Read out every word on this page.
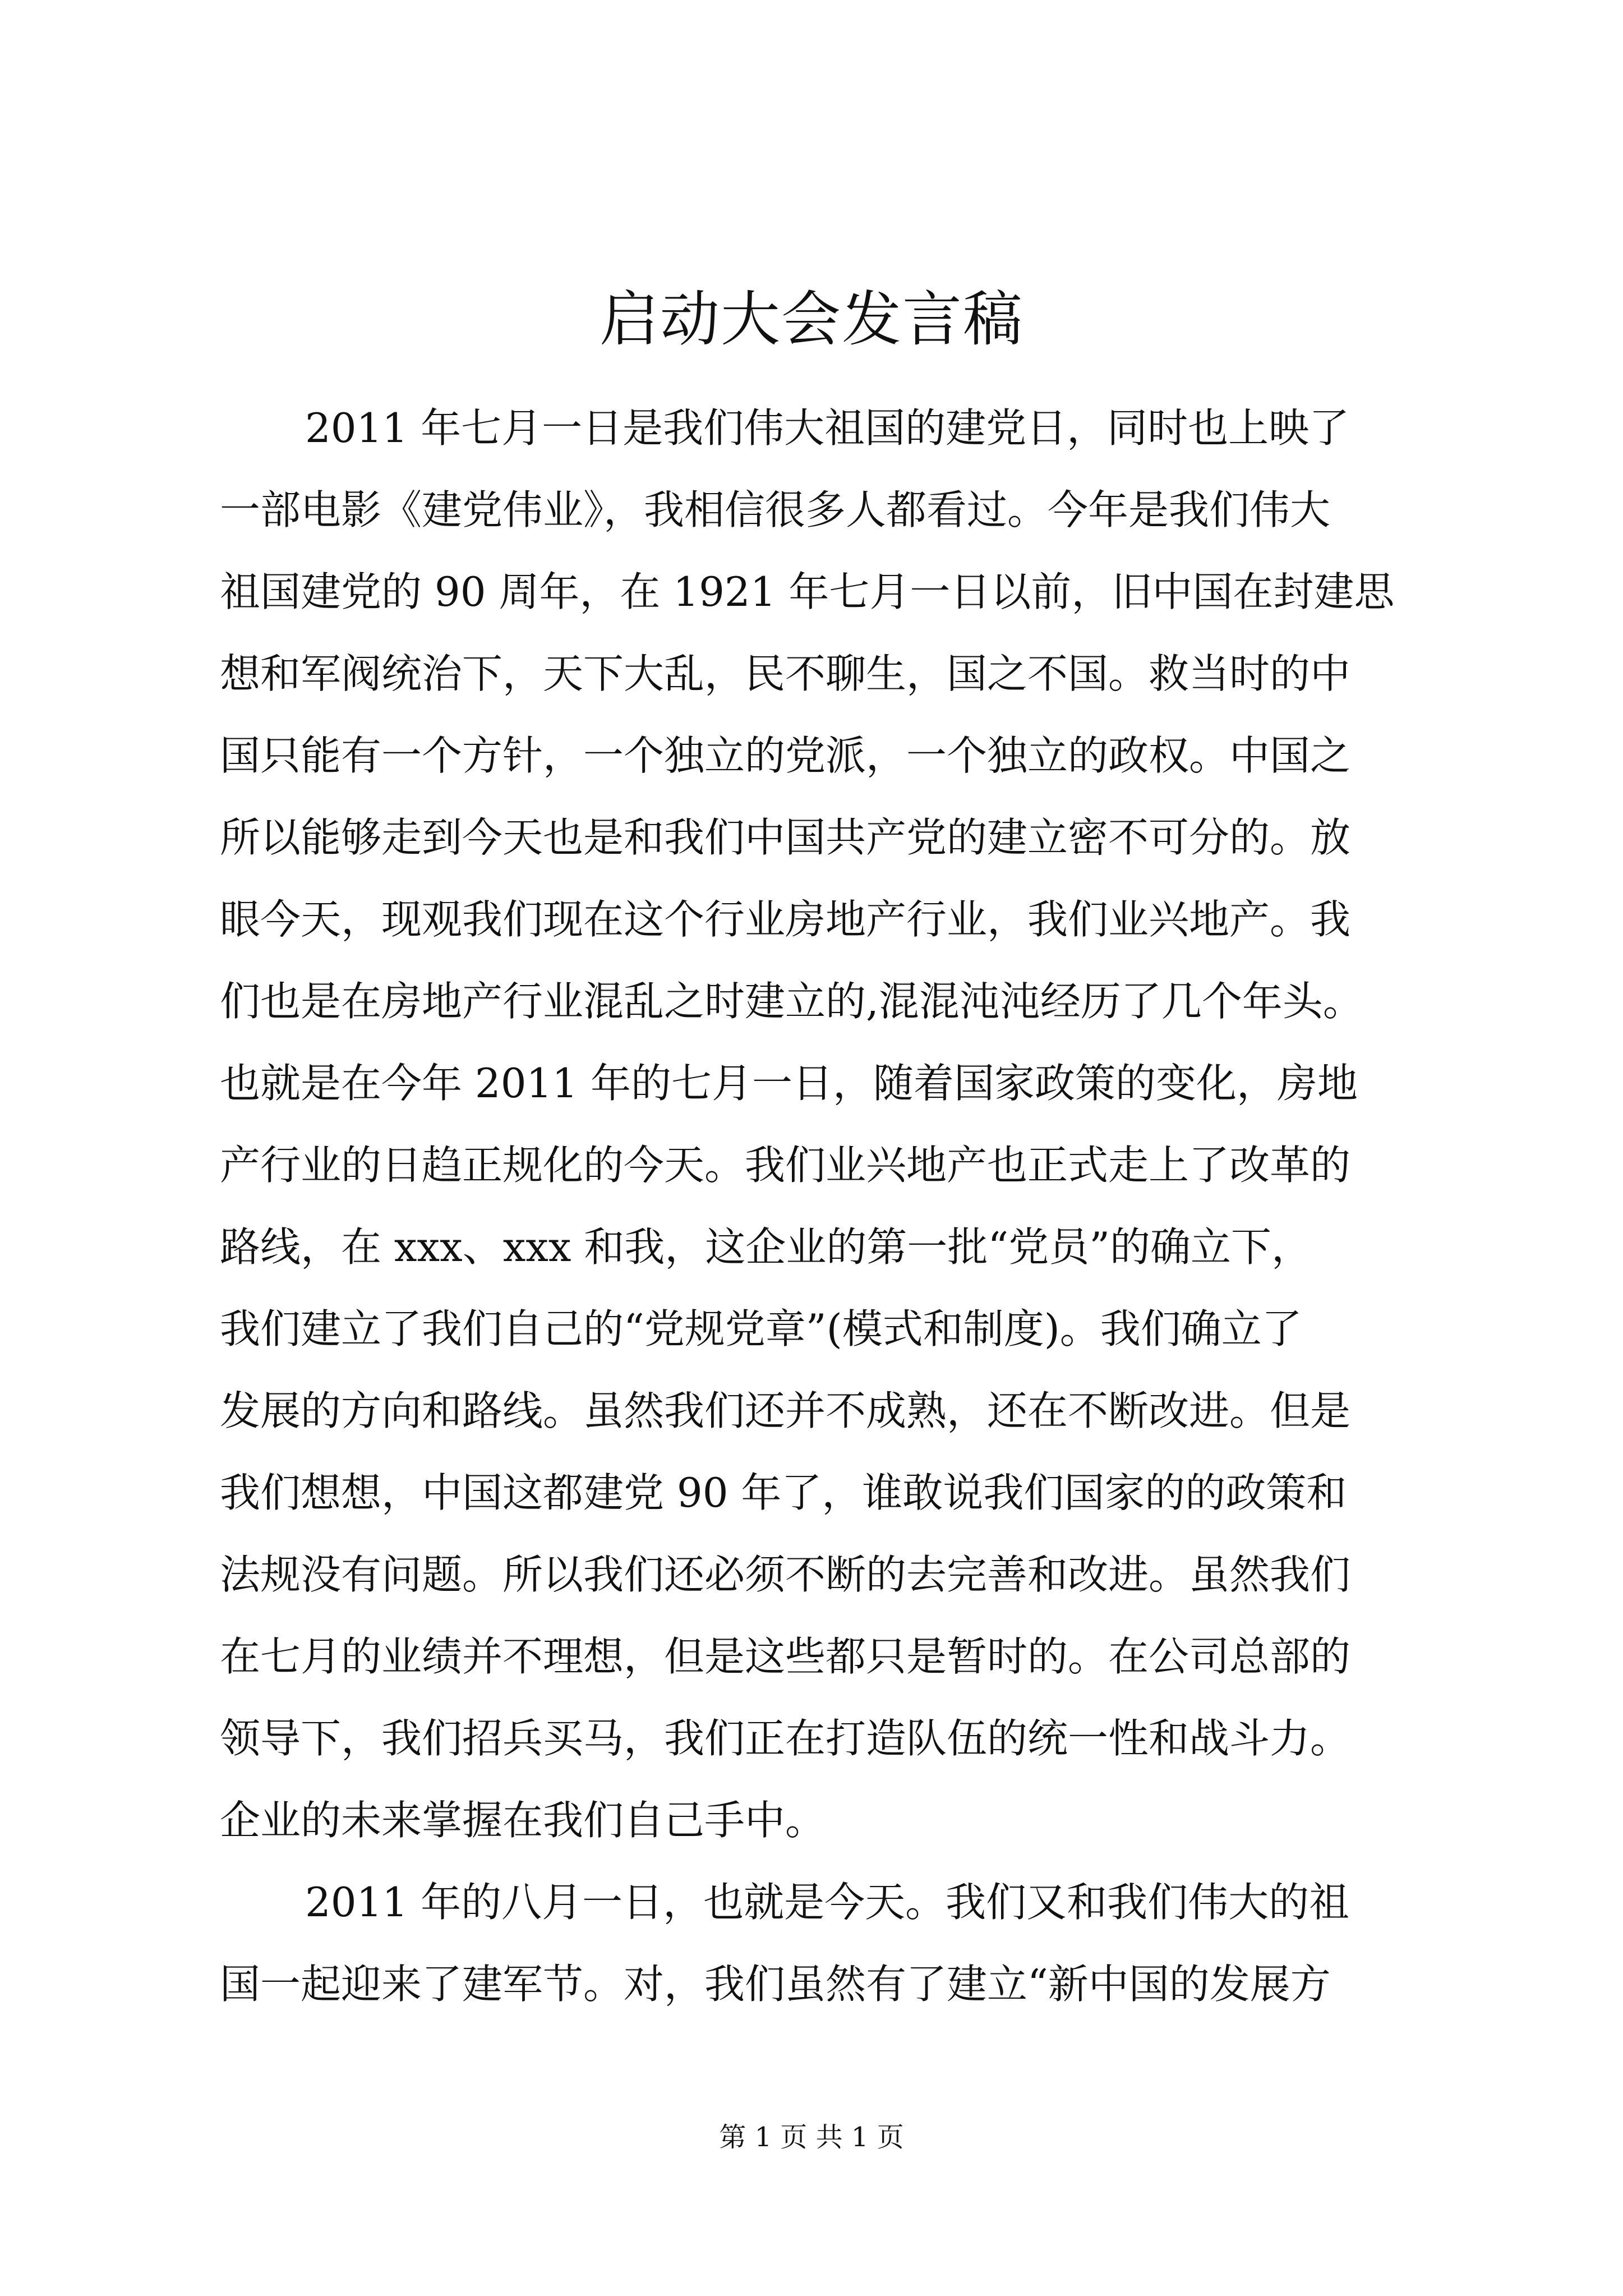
启动大会发言稿
2011 年七月一日是我们伟大祖国的建党日，同时也上映了
一部电影《建党伟业》，我相信很多人都看过。今年是我们伟大
祖国建党的 90 周年，在 1921 年七月一日以前，旧中国在封建思
想和军阀统治下，天下大乱，民不聊生，国之不国。救当时的中
国只能有一个方针，一个独立的党派，一个独立的政权。中国之
所以能够走到今天也是和我们中国共产党的建立密不可分的。放
眼今天，现观我们现在这个行业房地产行业，我们业兴地产。我
们也是在房地产行业混乱之时建立的,混混沌沌经历了几个年头。
也就是在今年 2011 年的七月一日，随着国家政策的变化，房地
产行业的日趋正规化的今天。我们业兴地产也正式走上了改革的
路线，在 xxx、xxx 和我，这企业的第一批“党员”的确立下，
我们建立了我们自己的“党规党章”(模式和制度)。我们确立了
发展的方向和路线。虽然我们还并不成熟，还在不断改进。但是
我们想想，中国这都建党 90 年了，谁敢说我们国家的的政策和
法规没有问题。所以我们还必须不断的去完善和改进。虽然我们
在七月的业绩并不理想，但是这些都只是暂时的。在公司总部的
领导下，我们招兵买马，我们正在打造队伍的统一性和战斗力。
企业的未来掌握在我们自己手中。
2011 年的八月一日，也就是今天。我们又和我们伟大的祖
国一起迎来了建军节。对，我们虽然有了建立“新中国的发展方
第 1 页 共 1 页
